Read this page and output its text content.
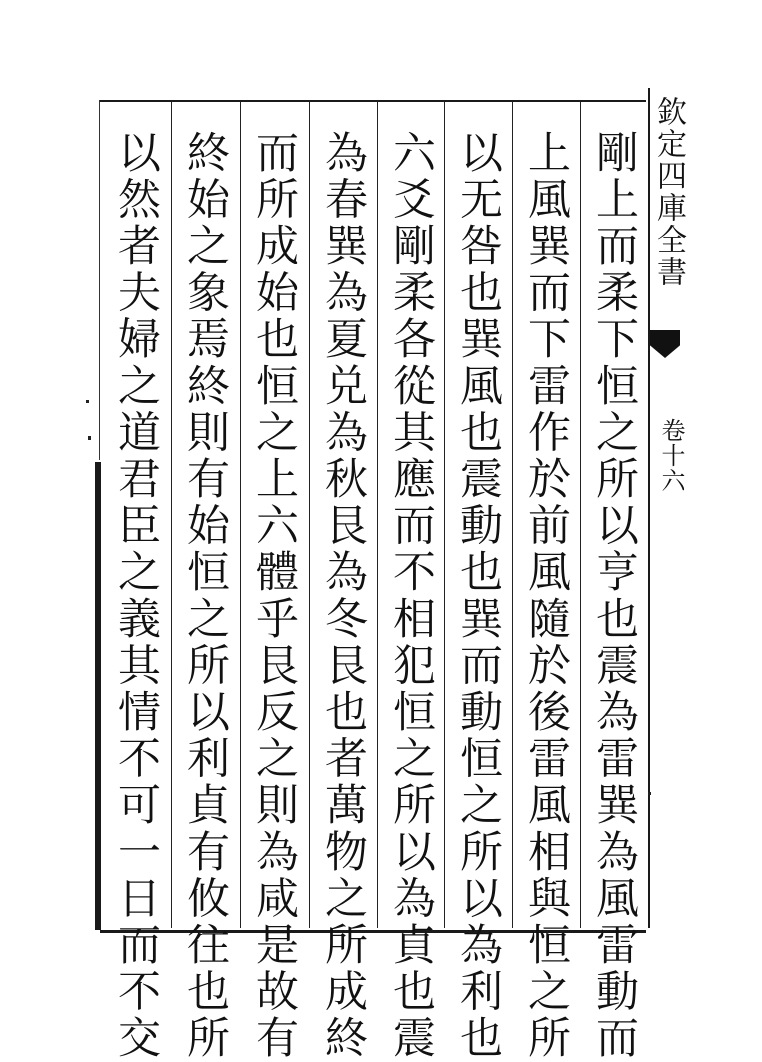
剛上而柔下恒之所以亨也震為雷巽為風雷動而
上風巽而下雷作於前風隨於後雷風相與恒之所
以无咎也巽風也震動也巽而動恒之所以為利也
六爻剛柔各從其應而不相犯恒之所以為貞也震
為春巽為夏兑為秋艮為冬艮也者萬物之所成終
而所成始也恒之上六體乎艮反之則為咸是故有
終始之象焉終則有始恒之所以利貞有攸往也所
以然者夫婦之道君臣之義其情不可一日而不交	欽定四庫全書
卷十六
